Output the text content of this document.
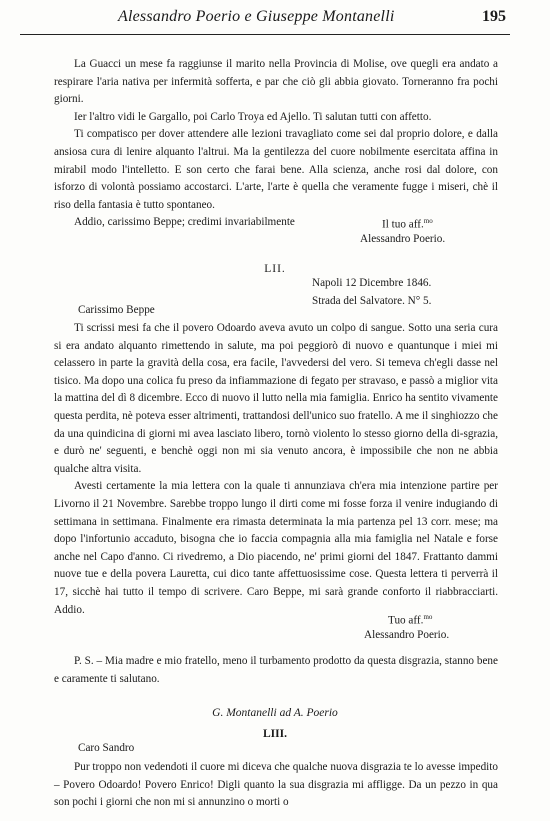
Alessandro Poerio e Giuseppe Montanelli	195

La Guacci un mese fa raggiunse il marito nella Provincia di Molise, ove quegli era andato a respirare l'aria nativa per infermità sofferta, e par che ciò gli abbia giovato. Torneranno fra pochi giorni.

Ier l'altro vidi le Gargallo, poi Carlo Troya ed Ajello. Ti salutan tutti con affetto.

Ti compatisco per dover attendere alle lezioni travagliato come sei dal proprio dolore, e dalla ansiosa cura di lenire alquanto l'altrui. Ma la gentilezza del cuore nobilmente esercitata affina in mirabil modo l'intelletto. E son certo che farai bene. Alla scienza, anche rosi dal dolore, con isforzo di volontà possiamo accostarci. L'arte, l'arte è quella che veramente fugge i miseri, chè il riso della fantasia è tutto spontaneo.

Addio, carissimo Beppe; credimi invariabilmente	Il tuo aff.$^{mo}$
Alessandro Poerio.
LII.
Napoli 12 Dicembre 1846.
Strada del Salvatore. N° 5.
Carissimo Beppe

Ti scrissi mesi fa che il povero Odoardo aveva avuto un colpo di sangue. Sotto una seria cura si era andato alquanto rimettendo in salute, ma poi peggiorò di nuovo e quantunque i miei mi celassero in parte la gravità della cosa, era facile, l'avvedersi del vero. Si temeva ch'egli dasse nel tisico. Ma dopo una colica fu preso da infiammazione di fegato per stravaso, e passò a miglior vita la mattina del dì 8 dicembre. Ecco di nuovo il lutto nella mia famiglia. Enrico ha sentito vivamente questa perdita, nè poteva esser altrimenti, trattandosi dell'unico suo fratello. A me il singhiozzo che da una quindicina di giorni mi avea lasciato libero, tornò violento lo stesso giorno della di-sgrazia, e durò ne' seguenti, e benchè oggi non mi sia venuto ancora, è impossibile che non ne abbia qualche altra visita.

Avesti certamente la mia lettera con la quale ti annunziava ch'era mia intenzione partire per Livorno il 21 Novembre. Sarebbe troppo lungo il dirti come mi fosse forza il venire indugiando di settimana in settimana. Finalmente era rimasta determinata la mia partenza pel 13 corr. mese; ma dopo l'infortunio accaduto, bisogna che io faccia compagnia alla mia famiglia nel Natale e forse anche nel Capo d'anno. Ci rivedremo, a Dio piacendo, ne' primi giorni del 1847. Frattanto dammi nuove tue e della povera Lauretta, cui dico tante affettuosissime cose. Questa lettera ti perverrà il 17, sicchè hai tutto il tempo di scrivere. Caro Beppe, mi sarà grande conforto il riabbracciarti. Addio.

Tuo aff.$^{mo}$
Alessandro Poerio.

P. S. – Mia madre e mio fratello, meno il turbamento prodotto da questa disgrazia, stanno bene e caramente ti salutano.

G. Montanelli ad A. Poerio
LIII.
Caro Sandro

Pur troppo non vedendoti il cuore mi diceva che qualche nuova disgrazia te lo avesse impedito – Povero Odoardo! Povero Enrico! Digli quanto la sua disgrazia mi affligge. Da un pezzo in qua son pochi i giorni che non mi si annunzino o morti o
